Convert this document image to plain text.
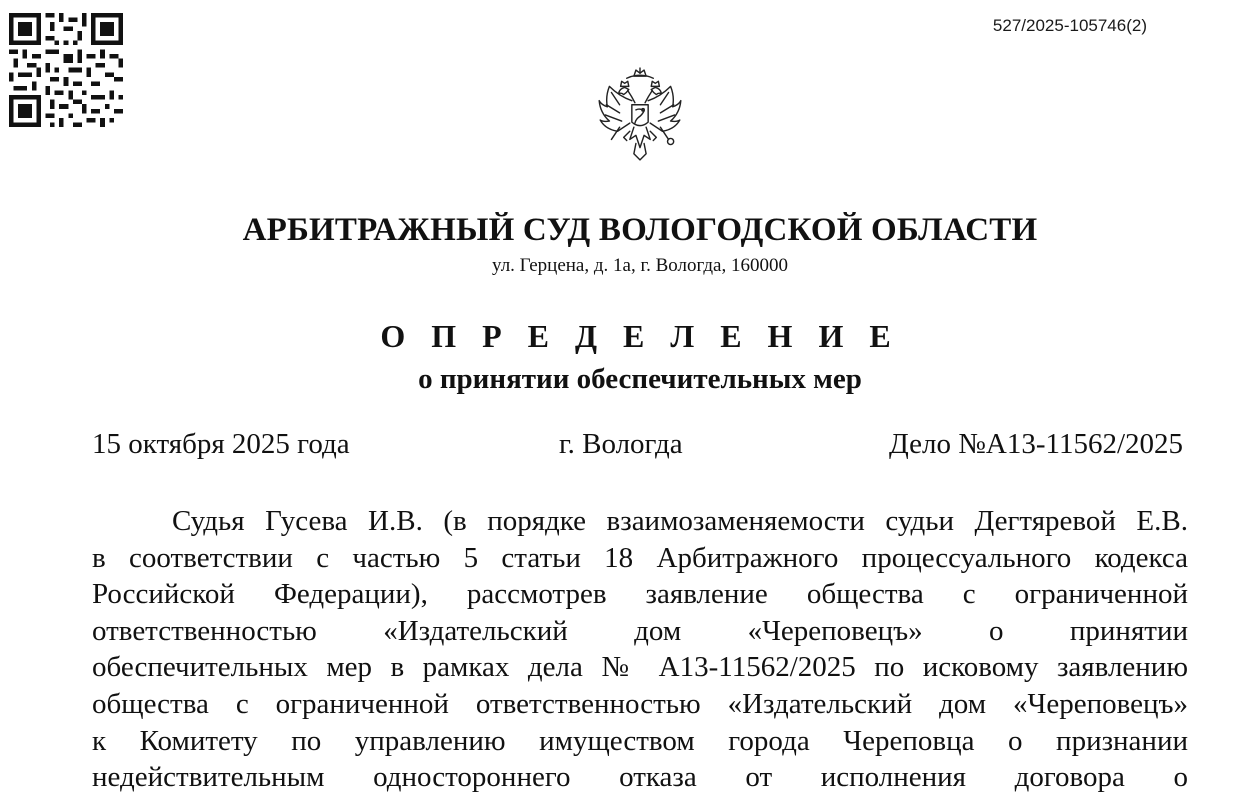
527/2025-105746(2)
АРБИТРАЖНЫЙ СУД ВОЛОГОДСКОЙ ОБЛАСТИ
ул. Герцена, д. 1а, г. Вологда, 160000
О П Р Е Д Е Л Е Н И Е
о принятии обеспечительных мер
15 октября 2025 года	г. Вологда	Дело №А13-11562/2025
Судья Гусева И.В. (в порядке взаимозаменяемости судьи Дегтяревой Е.В.
в соответствии с частью 5 статьи 18 Арбитражного процессуального кодекса
Российской Федерации), рассмотрев заявление общества с ограниченной
ответственностью «Издательский дом «Череповецъ» о принятии
обеспечительных мер в рамках дела № А13-11562/2025 по исковому заявлению
общества с ограниченной ответственностью «Издательский дом «Череповецъ»
к Комитету по управлению имуществом города Череповца о признании
недействительным одностороннего отказа от исполнения договора о
